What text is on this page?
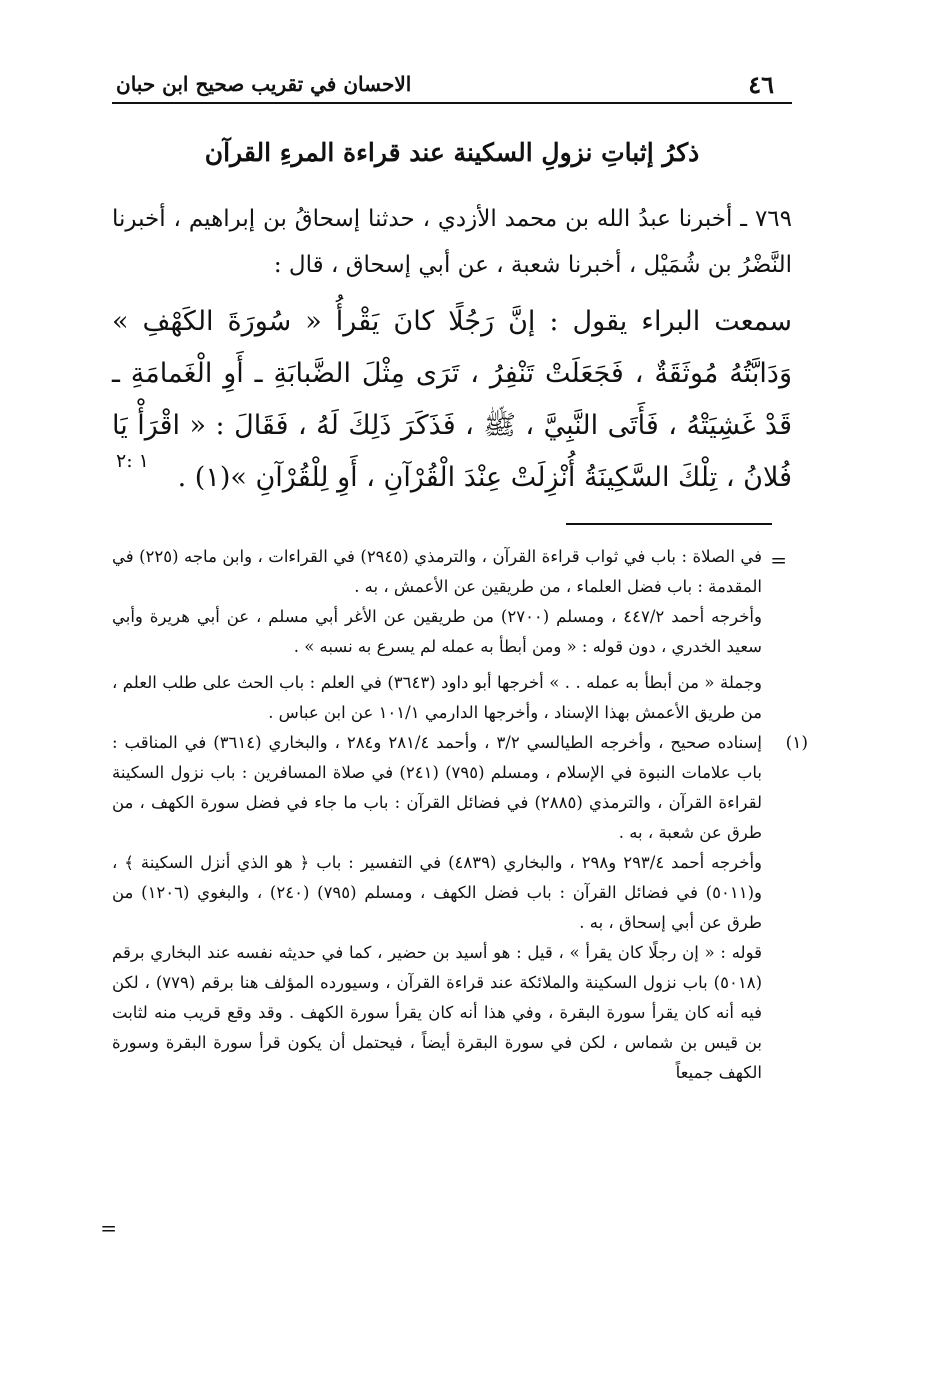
٤٦
الاحسان في تقريب صحيح ابن حبان
ذكرُ إثباتِ نزولِ السكينة عند قراءة المرءِ القرآن

٧٦٩ ـ أخبرنا عبدُ الله بن محمد الأزدي ، حدثنا إسحاقُ بن إبراهيم ، أخبرنا النَّضْرُ بن شُمَيْل ، أخبرنا شعبة ، عن أبي إسحاق ، قال :

سمعت البراء يقول : إنَّ رَجُلًا كانَ يَقْرأُ « سُورَةَ الكَهْفِ » وَدَابَّتُهُ مُوثَقَةٌ ، فَجَعَلَتْ تَنْفِرُ ، تَرَى مِثْلَ الضَّبابَةِ ـ أَوِ الْغَمامَةِ ـ قَدْ غَشِيَتْهُ ، فَأَتَى النَّبِيَّ ، ﷺ ، فَذَكَرَ ذَلِكَ لَهُ ، فَقَالَ : « اقْرَأْ يَا فُلانُ ، تِلْكَ السَّكِينَةُ أُنْزِلَتْ عِنْدَ الْقُرْآنِ ، أَوِ لِلْقُرْآنِ »(١) .

١ :٢
=

في الصلاة : باب في ثواب قراءة القرآن ، والترمذي (٢٩٤٥) في القراءات ، وابن ماجه (٢٢٥) في المقدمة : باب فضل العلماء ، من طريقين عن الأعمش ، به .

وأخرجه أحمد ٤٤٧/٢ ، ومسلم (٢٧٠٠) من طريقين عن الأغر أبي مسلم ، عن أبي هريرة وأبي سعيد الخدري ، دون قوله : « ومن أبطأ به عمله لم يسرع به نسبه » .

وجملة « من أبطأ به عمله . . » أخرجها أبو داود (٣٦٤٣) في العلم : باب الحث على طلب العلم ، من طريق الأعمش بهذا الإسناد ، وأخرجها الدارمي ١٠١/١ عن ابن عباس .

(١)

إسناده صحيح ، وأخرجه الطيالسي ٣/٢ ، وأحمد ٢٨١/٤ و٢٨٤ ، والبخاري (٣٦١٤) في المناقب : باب علامات النبوة في الإسلام ، ومسلم (٧٩٥) (٢٤١) في صلاة المسافرين : باب نزول السكينة لقراءة القرآن ، والترمذي (٢٨٨٥) في فضائل القرآن : باب ما جاء في فضل سورة الكهف ، من طرق عن شعبة ، به .

وأخرجه أحمد ٢٩٣/٤ و٢٩٨ ، والبخاري (٤٨٣٩) في التفسير : باب ﴿ هو الذي أنزل السكينة ﴾ ، و(٥٠١١) في فضائل القرآن : باب فضل الكهف ، ومسلم (٧٩٥) (٢٤٠) ، والبغوي (١٢٠٦) من طرق عن أبي إسحاق ، به .

قوله : « إن رجلًا كان يقرأ » ، قيل : هو أسيد بن حضير ، كما في حديثه نفسه عند البخاري برقم (٥٠١٨) باب نزول السكينة والملائكة عند قراءة القرآن ، وسيورده المؤلف هنا برقم (٧٧٩) ، لكن فيه أنه كان يقرأ سورة البقرة ، وفي هذا أنه كان يقرأ سورة الكهف . وقد وقع قريب منه لثابت بن قيس بن شماس ، لكن في سورة البقرة أيضاً ، فيحتمل أن يكون قرأ سورة البقرة وسورة الكهف جميعاً

=
